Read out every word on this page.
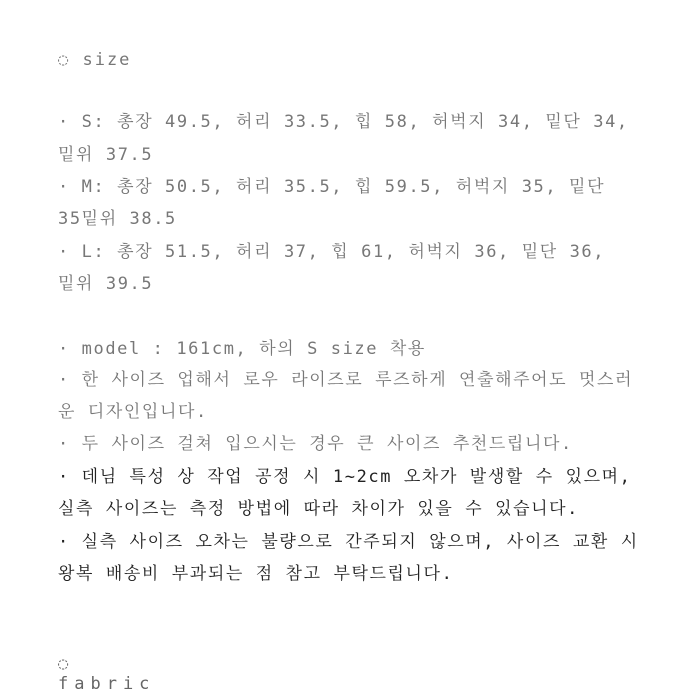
◌ size
· S: 총장 49.5, 허리 33.5, 힙 58, 허벅지 34, 밑단 34,
밑위 37.5
· M: 총장 50.5, 허리 35.5, 힙 59.5, 허벅지 35, 밑단
35밑위 38.5
· L: 총장 51.5, 허리 37, 힙 61, 허벅지 36, 밑단 36,
밑위 39.5
· model : 161cm, 하의 S size 착용
· 한 사이즈 업해서 로우 라이즈로 루즈하게 연출해주어도 멋스러
운 디자인입니다.
· 두 사이즈 걸쳐 입으시는 경우 큰 사이즈 추천드립니다.
· 데님 특성 상 작업 공정 시 1~2cm 오차가 발생할 수 있으며,
실측 사이즈는 측정 방법에 따라 차이가 있을 수 있습니다.
· 실측 사이즈 오차는 불량으로 간주되지 않으며, 사이즈 교환 시
왕복 배송비 부과되는 점 참고 부탁드립니다.
◌ fabric
